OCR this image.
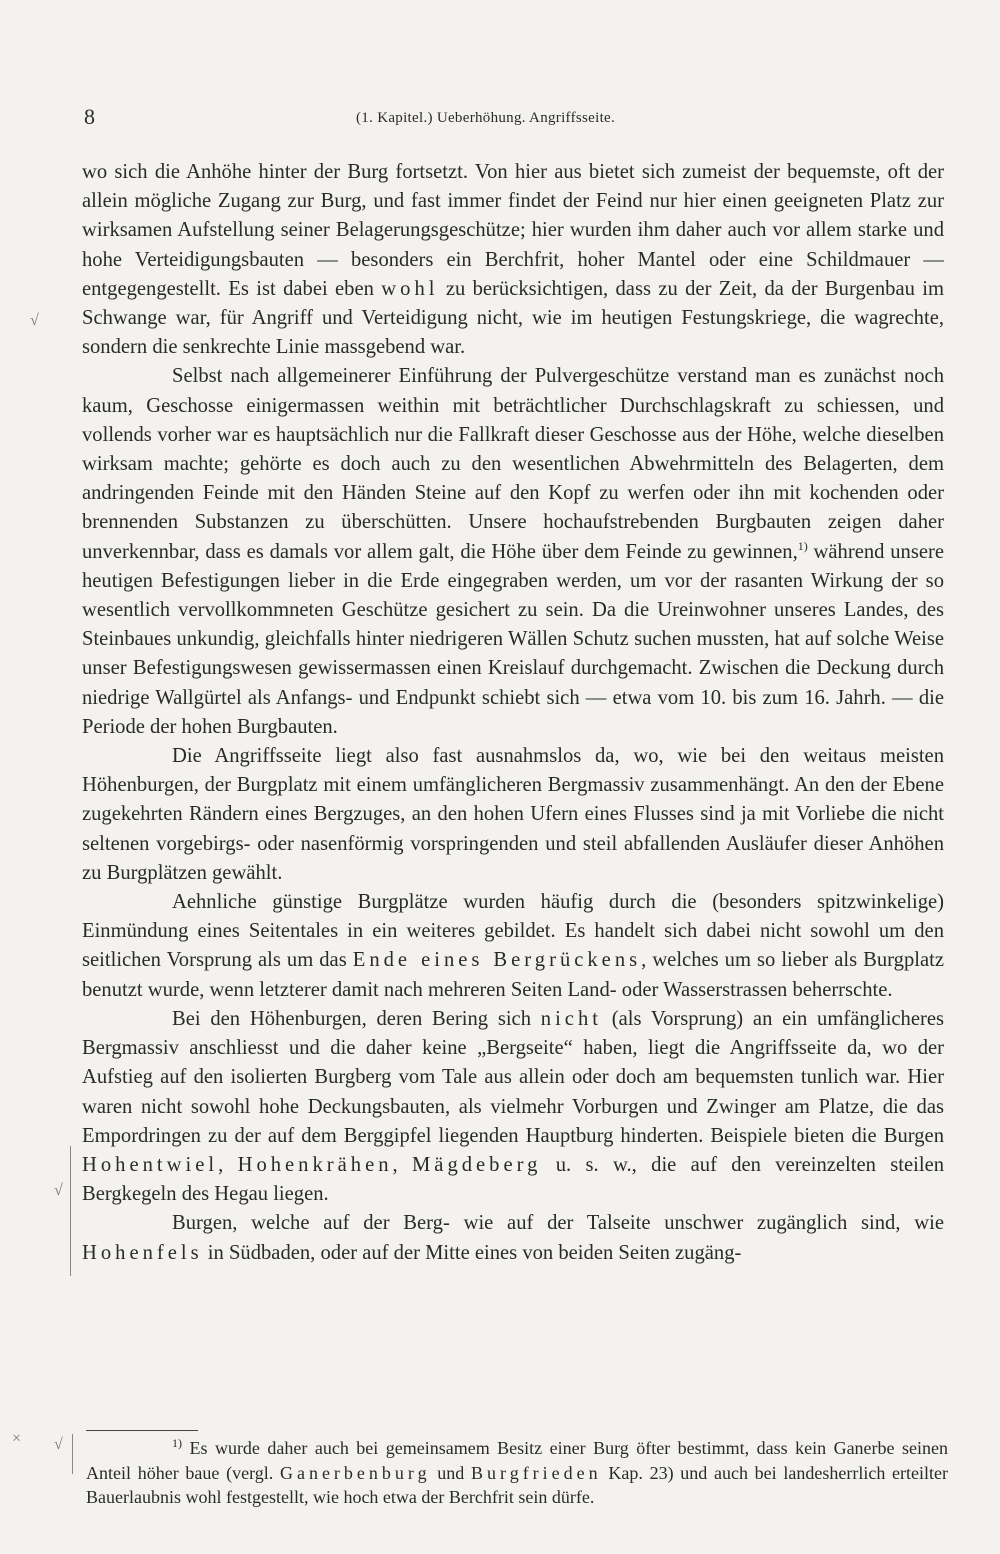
8	(1. Kapitel.) Ueberhöhung. Angriffsseite.

wo sich die Anhöhe hinter der Burg fortsetzt. Von hier aus bietet sich zumeist der bequemste, oft der allein mögliche Zugang zur Burg, und fast immer findet der Feind nur hier einen geeigneten Platz zur wirksamen Aufstellung seiner Belagerungsgeschütze; hier wurden ihm daher auch vor allem starke und hohe Verteidigungsbauten — besonders ein Berchfrit, hoher Mantel oder eine Schildmauer — entgegengestellt. Es ist dabei eben wohl zu berücksichtigen, dass zu der Zeit, da der Burgenbau im Schwange war, für Angriff und Verteidigung nicht, wie im heutigen Festungskriege, die wagrechte, sondern die senkrechte Linie massgebend war.

Selbst nach allgemeinerer Einführung der Pulvergeschütze verstand man es zunächst noch kaum, Geschosse einigermassen weithin mit beträchtlicher Durchschlagskraft zu schiessen, und vollends vorher war es hauptsächlich nur die Fallkraft dieser Geschosse aus der Höhe, welche dieselben wirksam machte; gehörte es doch auch zu den wesentlichen Abwehrmitteln des Belagerten, dem andringenden Feinde mit den Händen Steine auf den Kopf zu werfen oder ihn mit kochenden oder brennenden Substanzen zu überschütten. Unsere hochaufstrebenden Burgbauten zeigen daher unverkennbar, dass es damals vor allem galt, die Höhe über dem Feinde zu gewinnen,$^{1)}$ während unsere heutigen Befestigungen lieber in die Erde eingegraben werden, um vor der rasanten Wirkung der so wesentlich vervollkommneten Geschütze gesichert zu sein. Da die Ureinwohner unseres Landes, des Steinbaues unkundig, gleichfalls hinter niedrigeren Wällen Schutz suchen mussten, hat auf solche Weise unser Befestigungswesen gewissermassen einen Kreislauf durchgemacht. Zwischen die Deckung durch niedrige Wallgürtel als Anfangs- und Endpunkt schiebt sich — etwa vom 10. bis zum 16. Jahrh. — die Periode der hohen Burgbauten.

Die Angriffsseite liegt also fast ausnahmslos da, wo, wie bei den weitaus meisten Höhenburgen, der Burgplatz mit einem umfänglicheren Bergmassiv zusammenhängt. An den der Ebene zugekehrten Rändern eines Bergzuges, an den hohen Ufern eines Flusses sind ja mit Vorliebe die nicht seltenen vorgebirgs- oder nasenförmig vorspringenden und steil abfallenden Ausläufer dieser Anhöhen zu Burgplätzen gewählt.

Aehnliche günstige Burgplätze wurden häufig durch die (besonders spitzwinkelige) Einmündung eines Seitentales in ein weiteres gebildet. Es handelt sich dabei nicht sowohl um den seitlichen Vorsprung als um das Ende eines Bergrückens, welches um so lieber als Burgplatz benutzt wurde, wenn letzterer damit nach mehreren Seiten Land- oder Wasserstrassen beherrschte.

Bei den Höhenburgen, deren Bering sich nicht (als Vorsprung) an ein umfänglicheres Bergmassiv anschliesst und die daher keine „Bergseite“ haben, liegt die Angriffsseite da, wo der Aufstieg auf den isolierten Burgberg vom Tale aus allein oder doch am bequemsten tunlich war. Hier waren nicht sowohl hohe Deckungsbauten, als vielmehr Vorburgen und Zwinger am Platze, die das Empordringen zu der auf dem Berggipfel liegenden Hauptburg hinderten. Beispiele bieten die Burgen Hohentwiel, Hohenkrähen, Mägdeberg u. s. w., die auf den vereinzelten steilen Bergkegeln des Hegau liegen.

Burgen, welche auf der Berg- wie auf der Talseite unschwer zugänglich sind, wie Hohenfels in Südbaden, oder auf der Mitte eines von beiden Seiten zugäng-

$^{1)}$ Es wurde daher auch bei gemeinsamem Besitz einer Burg öfter bestimmt, dass kein Ganerbe seinen Anteil höher baue (vergl. Ganerbenburg und Burgfrieden Kap. 23) und auch bei landesherrlich erteilter Bauerlaubnis wohl festgestellt, wie hoch etwa der Berchfrit sein dürfe.

√
√
√
×
